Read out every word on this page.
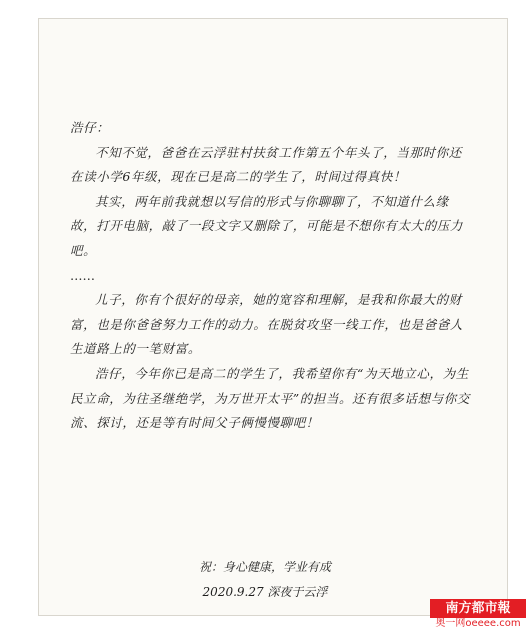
浩仔：

不知不觉，爸爸在云浮驻村扶贫工作第五个年头了，当那时你还在读小学6年级，现在已是高二的学生了，时间过得真快！

其实，两年前我就想以写信的形式与你聊聊了，不知道什么缘故，打开电脑，敲了一段文字又删除了，可能是不想你有太大的压力吧。

……

儿子，你有个很好的母亲，她的宽容和理解，是我和你最大的财富，也是你爸爸努力工作的动力。在脱贫攻坚一线工作，也是爸爸人生道路上的一笔财富。

浩仔，今年你已是高二的学生了，我希望你有“为天地立心，为生民立命，为往圣继绝学，为万世开太平”的担当。还有很多话想与你交流、探讨，还是等有时间父子俩慢慢聊吧！

祝：身心健康，学业有成
2020.9.27 深夜于云浮
南方都市報
奥一网oeeee.com
